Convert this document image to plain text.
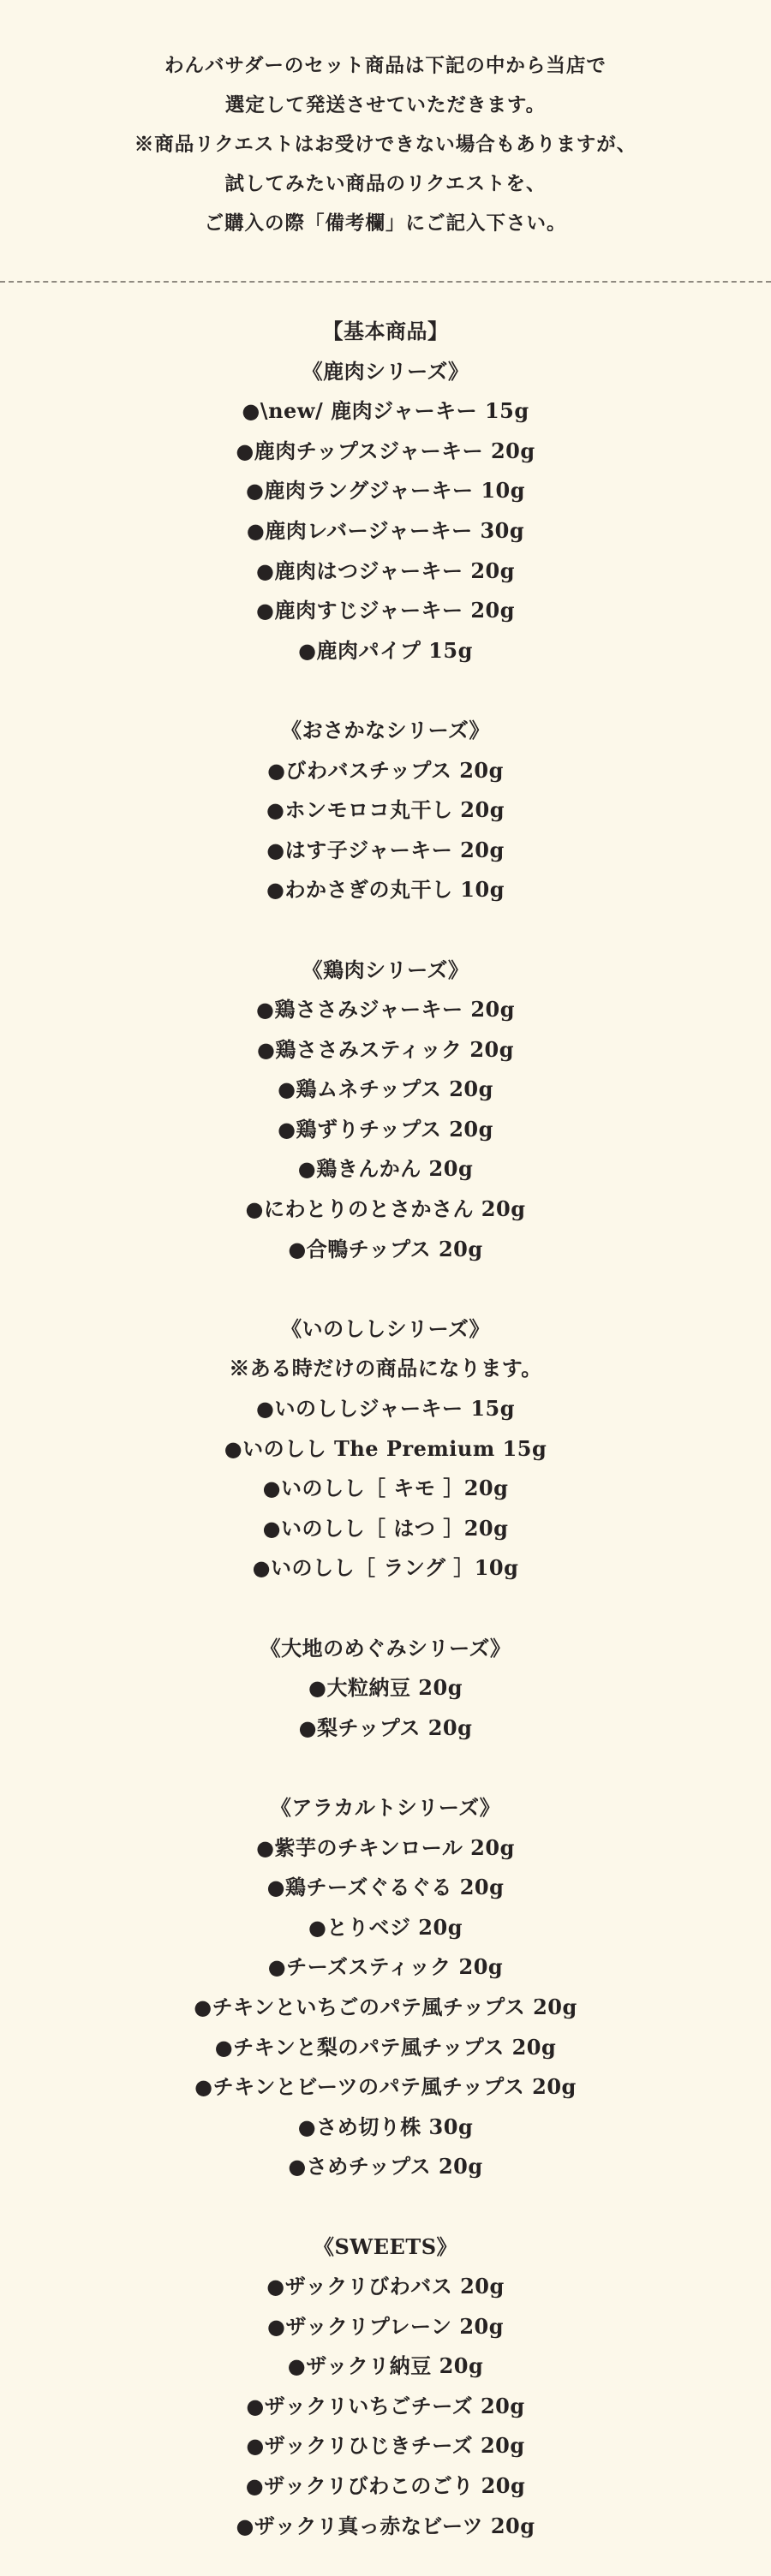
わんバサダーのセット商品は下記の中から当店で

選定して発送させていただきます。

※商品リクエストはお受けできない場合もありますが、

試してみたい商品のリクエストを、

ご購入の際「備考欄」にご記入下さい。

【基本商品】
《鹿肉シリーズ》
●\new/ 鹿肉ジャーキー 15g
●鹿肉チップスジャーキー 20g
●鹿肉ラングジャーキー 10g
●鹿肉レバージャーキー 30g
●鹿肉はつジャーキー 20g
●鹿肉すじジャーキー 20g
●鹿肉パイプ 15g
《おさかなシリーズ》
●びわバスチップス 20g
●ホンモロコ丸干し 20g
●はす子ジャーキー 20g
●わかさぎの丸干し 10g
《鶏肉シリーズ》
●鶏ささみジャーキー 20g
●鶏ささみスティック 20g
●鶏ムネチップス 20g
●鶏ずりチップス 20g
●鶏きんかん 20g
●にわとりのとさかさん 20g
●合鴨チップス 20g
《いのししシリーズ》
※ある時だけの商品になります。
●いのししジャーキー 15g
●いのしし The Premium 15g
●いのしし［ キモ ］20g
●いのしし［ はつ ］20g
●いのしし［ ラング ］10g
《大地のめぐみシリーズ》
●大粒納豆 20g
●梨チップス 20g
《アラカルトシリーズ》
●紫芋のチキンロール 20g
●鶏チーズぐるぐる 20g
●とりベジ 20g
●チーズスティック 20g
●チキンといちごのパテ風チップス 20g
●チキンと梨のパテ風チップス 20g
●チキンとビーツのパテ風チップス 20g
●さめ切り株 30g
●さめチップス 20g
《SWEETS》
●ザックリびわバス 20g
●ザックリプレーン 20g
●ザックリ納豆 20g
●ザックリいちごチーズ 20g
●ザックリひじきチーズ 20g
●ザックリびわこのごり 20g
●ザックリ真っ赤なビーツ 20g
